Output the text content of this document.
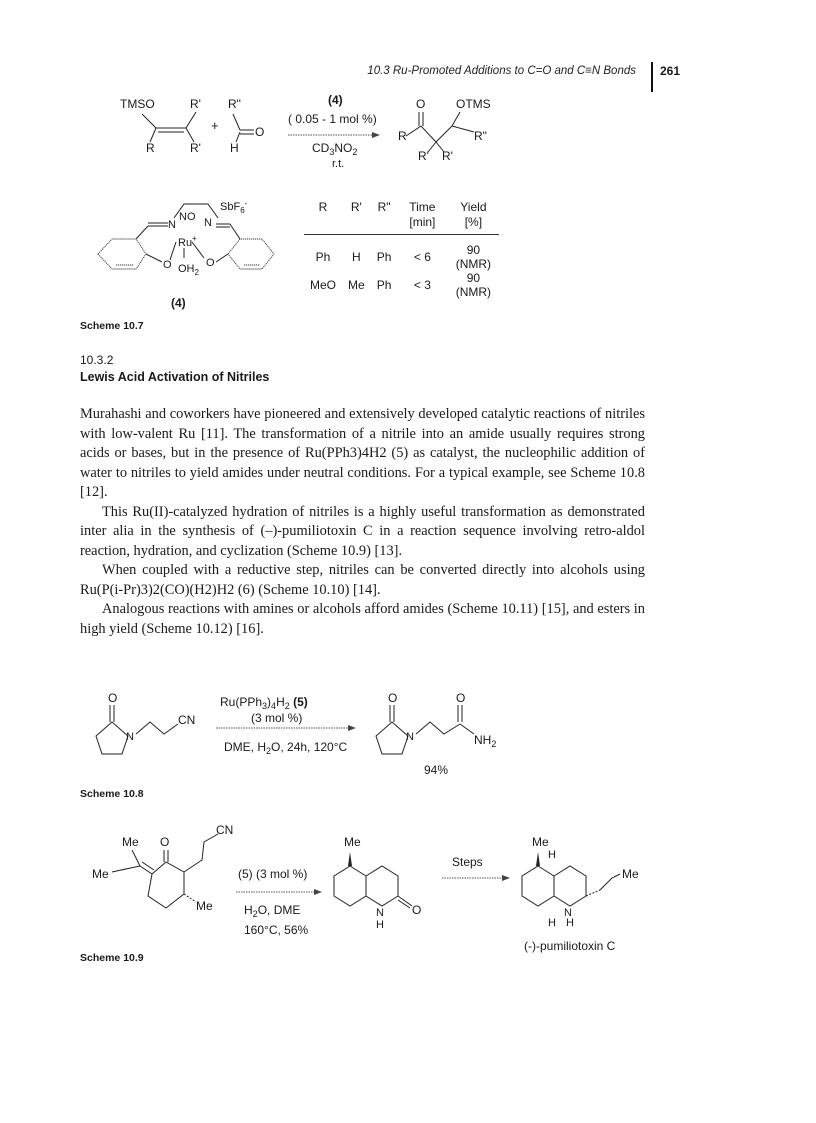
10.3 Ru-Promoted Additions to C=O and C≡N Bonds 261
TMSO	R'
R	R'
+
R"
O
H
(4)
( 0.05 - 1 mol %)
$CD_3NO_2$
r.t.
O	OTMS
R	R"
R' R'
N
O
NO N
Ru+
$OH_2$
O
SbF$_6$-
(4)
R	R'	R"	Time [min]	Yield [%]

Ph	H	Ph	< 6	90 (NMR)
MeO	Me	Ph	< 3	90 (NMR)
Scheme 10.7
10.3.2
Lewis Acid Activation of Nitriles

Murahashi and coworkers have pioneered and extensively developed catalytic reactions of nitriles with low-valent Ru [11]. The transformation of a nitrile into an amide usually requires strong acids or bases, but in the presence of Ru(PPh3)4H2 (5) as catalyst, the nucleophilic addition of water to nitriles to yield amides under neutral conditions. For a typical example, see Scheme 10.8 [12].

This Ru(II)-catalyzed hydration of nitriles is a highly useful transformation as demonstrated inter alia in the synthesis of (–)-pumiliotoxin C in a reaction sequence involving retro-aldol reaction, hydration, and cyclization (Scheme 10.9) [13].

When coupled with a reductive step, nitriles can be converted directly into alcohols using Ru(P(i-Pr)3)2(CO)(H2)H2 (6) (Scheme 10.10) [14].

Analogous reactions with amines or alcohols afford amides (Scheme 10.11) [15], and esters in high yield (Scheme 10.12) [16].

O
N
CN
$Ru(PPh_3)_4H_2$ (5)
(3 mol %)
DME, $H_2O$, 24h, 120°C
O
N
O
$NH_2$
94%
Scheme 10.8
Me O
CN
Me
Me
(5) (3 mol %)
$H_2O$, DME
160°C, 56%
Me
O
N
H
Steps
Me
H
Me
N
H H
(-)-pumiliotoxin C
Scheme 10.9
